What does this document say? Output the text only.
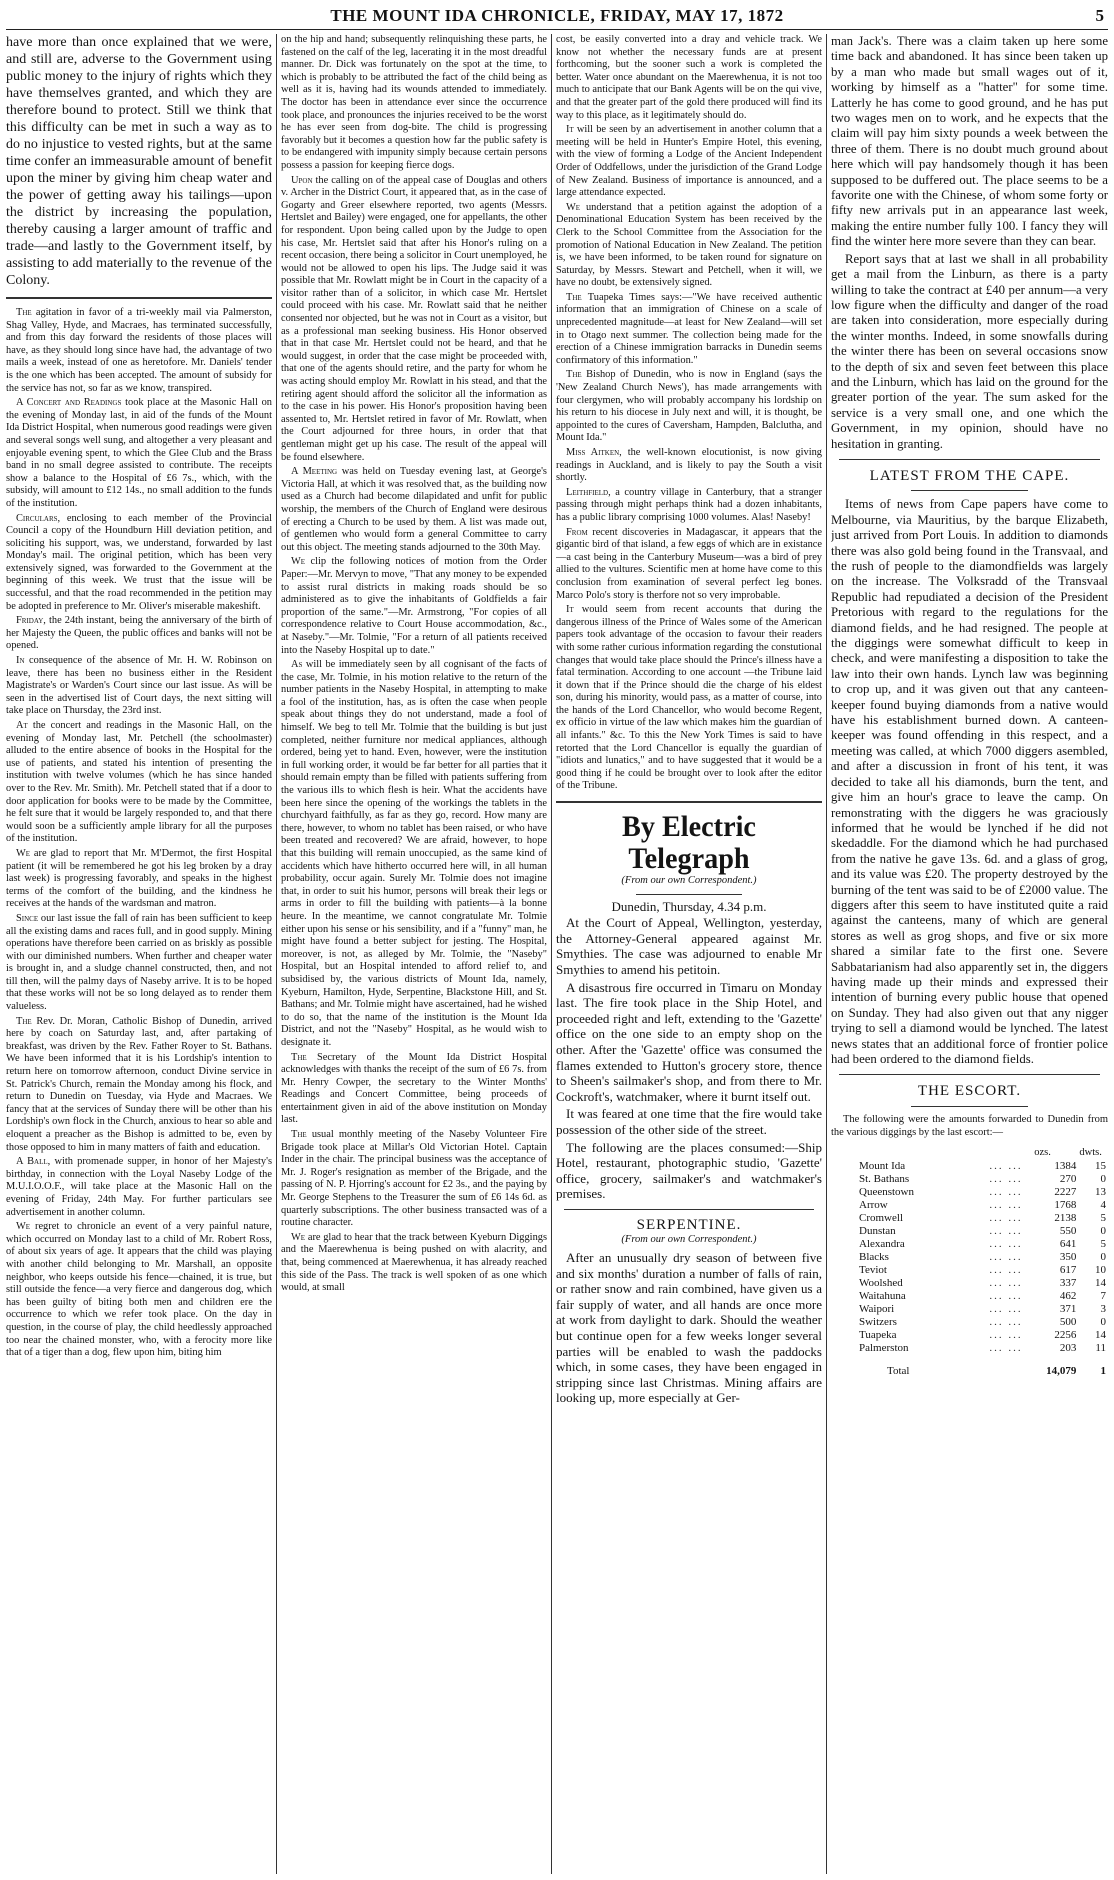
THE MOUNT IDA CHRONICLE, FRIDAY, MAY 17, 1872	5

have more than once explained that we were, and still are, adverse to the Government using public money to the injury of rights which they have themselves granted, and which they are therefore bound to protect. Still we think that this difficulty can be met in such a way as to do no injustice to vested rights, but at the same time confer an immeasurable amount of benefit upon the miner by giving him cheap water and the power of getting away his tailings—upon the district by increasing the population, thereby causing a larger amount of traffic and trade—and lastly to the Government itself, by assisting to add materially to the revenue of the Colony.

The agitation in favor of a tri-weekly mail via Palmerston, Shag Valley, Hyde, and Macraes, has terminated successfully, and from this day forward the residents of those places will have, as they should long since have had, the advantage of two mails a week, instead of one as heretofore. Mr. Daniels' tender is the one which has been accepted. The amount of subsidy for the service has not, so far as we know, transpired.

A Concert and Readings took place at the Masonic Hall on the evening of Monday last, in aid of the funds of the Mount Ida District Hospital, when numerous good readings were given and several songs well sung, and altogether a very pleasant and enjoyable evening spent, to which the Glee Club and the Brass band in no small degree assisted to contribute. The receipts show a balance to the Hospital of £6 7s., which, with the subsidy, will amount to £12 14s., no small addition to the funds of the institution.

Circulars, enclosing to each member of the Provincial Council a copy of the Houndburn Hill deviation petition, and soliciting his support, was, we understand, forwarded by last Monday's mail. The original petition, which has been very extensively signed, was forwarded to the Government at the beginning of this week. We trust that the issue will be successful, and that the road recommended in the petition may be adopted in preference to Mr. Oliver's miserable makeshift.

Friday, the 24th instant, being the anniversary of the birth of her Majesty the Queen, the public offices and banks will not be opened.

In consequence of the absence of Mr. H. W. Robinson on leave, there has been no business either in the Resident Magistrate's or Warden's Court since our last issue. As will be seen in the advertised list of Court days, the next sitting will take place on Thursday, the 23rd inst.

At the concert and readings in the Masonic Hall, on the evening of Monday last, Mr. Petchell (the schoolmaster) alluded to the entire absence of books in the Hospital for the use of patients, and stated his intention of presenting the institution with twelve volumes (which he has since handed over to the Rev. Mr. Smith). Mr. Petchell stated that if a door to door application for books were to be made by the Committee, he felt sure that it would be largely responded to, and that there would soon be a sufficiently ample library for all the purposes of the institution.

We are glad to report that Mr. M'Dermot, the first Hospital patient (it will be remembered he got his leg broken by a dray last week) is progressing favorably, and speaks in the highest terms of the comfort of the building, and the kindness he receives at the hands of the wardsman and matron.

Since our last issue the fall of rain has been sufficient to keep all the existing dams and races full, and in good supply. Mining operations have therefore been carried on as briskly as possible with our diminished numbers. When further and cheaper water is brought in, and a sludge channel constructed, then, and not till then, will the palmy days of Naseby arrive. It is to be hoped that these works will not be so long delayed as to render them valueless.

The Rev. Dr. Moran, Catholic Bishop of Dunedin, arrived here by coach on Saturday last, and, after partaking of breakfast, was driven by the Rev. Father Royer to St. Bathans. We have been informed that it is his Lordship's intention to return here on tomorrow afternoon, conduct Divine service in St. Patrick's Church, remain the Monday among his flock, and return to Dunedin on Tuesday, via Hyde and Macraes. We fancy that at the services of Sunday there will be other than his Lordship's own flock in the Church, anxious to hear so able and eloquent a preacher as the Bishop is admitted to be, even by those opposed to him in many matters of faith and education.

A Ball, with promenade supper, in honor of her Majesty's birthday, in connection with the Loyal Naseby Lodge of the M.U.I.O.O.F., will take place at the Masonic Hall on the evening of Friday, 24th May. For further particulars see advertisement in another column.

We regret to chronicle an event of a very painful nature, which occurred on Monday last to a child of Mr. Robert Ross, of about six years of age. It appears that the child was playing with another child belonging to Mr. Marshall, an opposite neighbor, who keeps outside his fence—chained, it is true, but still outside the fence—a very fierce and dangerous dog, which has been guilty of biting both men and children ere the occurrence to which we refer took place. On the day in question, in the course of play, the child heedlessly approached too near the chained monster, who, with a ferocity more like that of a tiger than a dog, flew upon him, biting him

on the hip and hand; subsequently relinquishing these parts, he fastened on the calf of the leg, lacerating it in the most dreadful manner. Dr. Dick was fortunately on the spot at the time, to which is probably to be attributed the fact of the child being as well as it is, having had its wounds attended to immediately. The doctor has been in attendance ever since the occurrence took place, and pronounces the injuries received to be the worst he has ever seen from dog-bite. The child is progressing favorably but it becomes a question how far the public safety is to be endangered with impunity simply because certain persons possess a passion for keeping fierce dogs.

Upon the calling on of the appeal case of Douglas and others v. Archer in the District Court, it appeared that, as in the case of Gogarty and Greer elsewhere reported, two agents (Messrs. Hertslet and Bailey) were engaged, one for appellants, the other for respondent. Upon being called upon by the Judge to open his case, Mr. Hertslet said that after his Honor's ruling on a recent occasion, there being a solicitor in Court unemployed, he would not be allowed to open his lips. The Judge said it was possible that Mr. Rowlatt might be in Court in the capacity of a visitor rather than of a solicitor, in which case Mr. Hertslet could proceed with his case. Mr. Rowlatt said that he neither consented nor objected, but he was not in Court as a visitor, but as a professional man seeking business. His Honor observed that in that case Mr. Hertslet could not be heard, and that he would suggest, in order that the case might be proceeded with, that one of the agents should retire, and the party for whom he was acting should employ Mr. Rowlatt in his stead, and that the retiring agent should afford the solicitor all the information as to the case in his power. His Honor's proposition having been assented to, Mr. Hertslet retired in favor of Mr. Rowlatt, when the Court adjourned for three hours, in order that that gentleman might get up his case. The result of the appeal will be found elsewhere.

A Meeting was held on Tuesday evening last, at George's Victoria Hall, at which it was resolved that, as the building now used as a Church had become dilapidated and unfit for public worship, the members of the Church of England were desirous of erecting a Church to be used by them. A list was made out, of gentlemen who would form a general Committee to carry out this object. The meeting stands adjourned to the 30th May.

We clip the following notices of motion from the Order Paper:—Mr. Mervyn to move, "That any money to be expended to assist rural districts in making roads should be so administered as to give the inhabitants of Goldfields a fair proportion of the same."—Mr. Armstrong, "For copies of all correspondence relative to Court House accommodation, &c., at Naseby."—Mr. Tolmie, "For a return of all patients received into the Naseby Hospital up to date."

As will be immediately seen by all cognisant of the facts of the case, Mr. Tolmie, in his motion relative to the return of the number patients in the Naseby Hospital, in attempting to make a fool of the institution, has, as is often the case when people speak about things they do not understand, made a fool of himself. We beg to tell Mr. Tolmie that the building is but just completed, neither furniture nor medical appliances, although ordered, being yet to hand. Even, however, were the institution in full working order, it would be far better for all parties that it should remain empty than be filled with patients suffering from the various ills to which flesh is heir. What the accidents have been here since the opening of the workings the tablets in the churchyard faithfully, as far as they go, record. How many are there, however, to whom no tablet has been raised, or who have been treated and recovered? We are afraid, however, to hope that this building will remain unoccupied, as the same kind of accidents which have hitherto occurred here will, in all human probability, occur again. Surely Mr. Tolmie does not imagine that, in order to suit his humor, persons will break their legs or arms in order to fill the building with patients—à la bonne heure. In the meantime, we cannot congratulate Mr. Tolmie either upon his sense or his sensibility, and if a "funny" man, he might have found a better subject for jesting. The Hospital, moreover, is not, as alleged by Mr. Tolmie, the "Naseby" Hospital, but an Hospital intended to afford relief to, and subsidised by, the various districts of Mount Ida, namely, Kyeburn, Hamilton, Hyde, Serpentine, Blackstone Hill, and St. Bathans; and Mr. Tolmie might have ascertained, had he wished to do so, that the name of the institution is the Mount Ida District, and not the "Naseby" Hospital, as he would wish to designate it.

The Secretary of the Mount Ida District Hospital acknowledges with thanks the receipt of the sum of £6 7s. from Mr. Henry Cowper, the secretary to the Winter Months' Readings and Concert Committee, being proceeds of entertainment given in aid of the above institution on Monday last.

The usual monthly meeting of the Naseby Volunteer Fire Brigade took place at Millar's Old Victorian Hotel. Captain Inder in the chair. The principal business was the acceptance of Mr. J. Roger's resignation as member of the Brigade, and the passing of N. P. Hjorring's account for £2 3s., and the paying by Mr. George Stephens to the Treasurer the sum of £6 14s 6d. as quarterly subscriptions. The other business transacted was of a routine character.

We are glad to hear that the track between Kyeburn Diggings and the Maerewhenua is being pushed on with alacrity, and that, being commenced at Maerewhenua, it has already reached this side of the Pass. The track is well spoken of as one which would, at small

cost, be easily converted into a dray and vehicle track. We know not whether the necessary funds are at present forthcoming, but the sooner such a work is completed the better. Water once abundant on the Maerewhenua, it is not too much to anticipate that our Bank Agents will be on the qui vive, and that the greater part of the gold there produced will find its way to this place, as it legitimately should do.

It will be seen by an advertisement in another column that a meeting will be held in Hunter's Empire Hotel, this evening, with the view of forming a Lodge of the Ancient Independent Order of Oddfellows, under the jurisdiction of the Grand Lodge of New Zealand. Business of importance is announced, and a large attendance expected.

We understand that a petition against the adoption of a Denominational Education System has been received by the Clerk to the School Committee from the Association for the promotion of National Education in New Zealand. The petition is, we have been informed, to be taken round for signature on Saturday, by Messrs. Stewart and Petchell, when it will, we have no doubt, be extensively signed.

The Tuapeka Times says:—"We have received authentic information that an immigration of Chinese on a scale of unprecedented magnitude—at least for New Zealand—will set in to Otago next summer. The collection being made for the erection of a Chinese immigration barracks in Dunedin seems confirmatory of this information."

The Bishop of Dunedin, who is now in England (says the 'New Zealand Church News'), has made arrangements with four clergymen, who will probably accompany his lordship on his return to his diocese in July next and will, it is thought, be appointed to the cures of Caversham, Hampden, Balclutha, and Mount Ida."

Miss Aitken, the well-known elocutionist, is now giving readings in Auckland, and is likely to pay the South a visit shortly.

Leithfield, a country village in Canterbury, that a stranger passing through might perhaps think had a dozen inhabitants, has a public library comprising 1000 volumes. Alas! Naseby!

From recent discoveries in Madagascar, it appears that the gigantic bird of that island, a few eggs of which are in existance—a cast being in the Canterbury Museum—was a bird of prey allied to the vultures. Scientific men at home have come to this conclusion from examination of several perfect leg bones. Marco Polo's story is therfore not so very improbable.

It would seem from recent accounts that during the dangerous illness of the Prince of Wales some of the American papers took advantage of the occasion to favour their readers with some rather curious information regarding the constutional changes that would take place should the Prince's illness have a fatal termination. According to one account —the Tribune laid it down that if the Prince should die the charge of his eldest son, during his minority, would pass, as a matter of course, into the hands of the Lord Chancellor, who would become Regent, ex officio in virtue of the law which makes him the guardian of all infants." &c. To this the New York Times is said to have retorted that the Lord Chancellor is equally the guardian of "idiots and lunatics," and to have suggested that it would be a good thing if he could be brought over to look after the editor of the Tribune.

By Electric Telegraph
(From our own Correspondent.)
Dunedin, Thursday, 4.34 p.m.

At the Court of Appeal, Wellington, yesterday, the Attorney-General appeared against Mr. Smythies. The case was adjourned to enable Mr Smythies to amend his petitoin.

A disastrous fire occurred in Timaru on Monday last. The fire took place in the Ship Hotel, and proceeded right and left, extending to the 'Gazette' office on the one side to an empty shop on the other. After the 'Gazette' office was consumed the flames extended to Hutton's grocery store, thence to Sheen's sailmaker's shop, and from there to Mr. Cockroft's, watchmaker, where it burnt itself out.

It was feared at one time that the fire would take possession of the other side of the street.

The following are the places consumed:—Ship Hotel, restaurant, photographic studio, 'Gazette' office, grocery, sailmaker's and watchmaker's premises.

SERPENTINE.
(From our own Correspondent.)

After an unusually dry season of between five and six months' duration a number of falls of rain, or rather snow and rain combined, have given us a fair supply of water, and all hands are once more at work from daylight to dark. Should the weather but continue open for a few weeks longer several parties will be enabled to wash the paddocks which, in some cases, they have been engaged in stripping since last Christmas. Mining affairs are looking up, more especially at Ger-

man Jack's. There was a claim taken up here some time back and abandoned. It has since been taken up by a man who made but small wages out of it, working by himself as a "hatter" for some time. Latterly he has come to good ground, and he has put two wages men on to work, and he expects that the claim will pay him sixty pounds a week between the three of them. There is no doubt much ground about here which will pay handsomely though it has been supposed to be duffered out. The place seems to be a favorite one with the Chinese, of whom some forty or fifty new arrivals put in an appearance last week, making the entire number fully 100. I fancy they will find the winter here more severe than they can bear.

Report says that at last we shall in all probability get a mail from the Linburn, as there is a party willing to take the contract at £40 per annum—a very low figure when the difficulty and danger of the road are taken into consideration, more especially during the winter months. Indeed, in some snowfalls during the winter there has been on several occasions snow to the depth of six and seven feet between this place and the Linburn, which has laid on the ground for the greater portion of the year. The sum asked for the service is a very small one, and one which the Government, in my opinion, should have no hesitation in granting.

LATEST FROM THE CAPE.

Items of news from Cape papers have come to Melbourne, via Mauritius, by the barque Elizabeth, just arrived from Port Louis. In addition to diamonds there was also gold being found in the Transvaal, and the rush of people to the diamondfields was largely on the increase. The Volksradd of the Transvaal Republic had repudiated a decision of the President Pretorious with regard to the regulations for the diamond fields, and he had resigned. The people at the diggings were somewhat difficult to keep in check, and were manifesting a disposition to take the law into their own hands. Lynch law was beginning to crop up, and it was given out that any canteen-keeper found buying diamonds from a native would have his establishment burned down. A canteen-keeper was found offending in this respect, and a meeting was called, at which 7000 diggers asembled, and after a discussion in front of his tent, it was decided to take all his diamonds, burn the tent, and give him an hour's grace to leave the camp. On remonstrating with the diggers he was graciously informed that he would be lynched if he did not skedaddle. For the diamond which he had purchased from the native he gave 13s. 6d. and a glass of grog, and its value was £20. The property destroyed by the burning of the tent was said to be of £2000 value. The diggers after this seem to have instituted quite a raid against the canteens, many of which are general stores as well as grog shops, and five or six more shared a similar fate to the first one. Severe Sabbatarianism had also apparently set in, the diggers having made up their minds and expressed their intention of burning every public house that opened on Sunday. They had also given out that any nigger trying to sell a diamond would be lynched. The latest news states that an additional force of frontier police had been ordered to the diamond fields.

THE ESCORT.
The following were the amounts forwarded to Dunedin from the various diggings by the last escort:—
		ozs.	dwts.
Mount Ida	... ...	1384	15
St. Bathans	... ...	270	0
Queenstown	... ...	2227	13
Arrow	... ...	1768	4
Cromwell	... ...	2138	5
Dunstan	... ...	550	0
Alexandra	... ...	641	5
Blacks	... ...	350	0
Teviot	... ...	617	10
Woolshed	... ...	337	14
Waitahuna	... ...	462	7
Waipori	... ...	371	3
Switzers	... ...	500	0
Tuapeka	... ...	2256	14
Palmerston	... ...	203	11
Total		14,079	1
